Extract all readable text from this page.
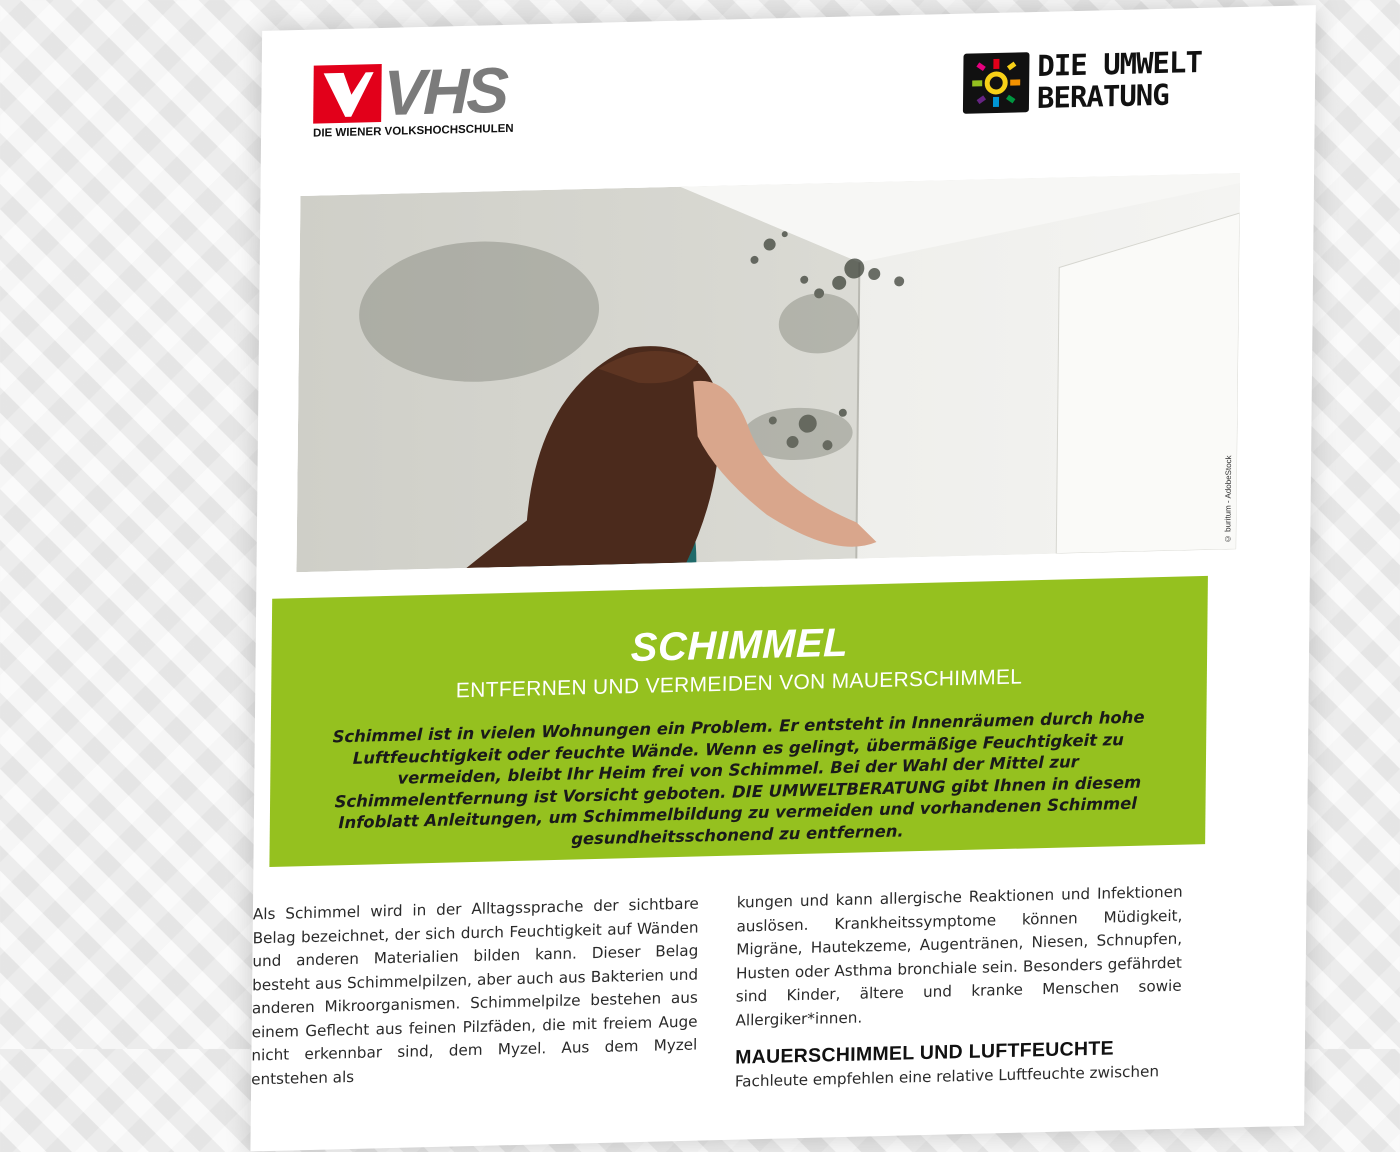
VHS
DIE WIENER VOLKSHOCHSCHULEN
DIE UMWELT
BERATUNG
© buritum - AdobeStock
SCHIMMEL
ENTFERNEN UND VERMEIDEN VON MAUERSCHIMMEL
Schimmel ist in vielen Wohnungen ein Problem. Er entsteht in Innenräumen durch hohe Luftfeuchtigkeit oder feuchte Wände. Wenn es gelingt, übermäßige Feuchtigkeit zu vermeiden, bleibt Ihr Heim frei von Schimmel. Bei der Wahl der Mittel zur Schimmelentfernung ist Vorsicht geboten. DIE UMWELTBERATUNG gibt Ihnen in diesem Infoblatt Anleitungen, um Schimmelbildung zu vermeiden und vorhandenen Schimmel gesundheitsschonend zu entfernen.
Als Schimmel wird in der Alltagssprache der sichtbare Belag bezeichnet, der sich durch Feuchtigkeit auf Wänden und anderen Materialien bilden kann. Dieser Belag besteht aus Schimmelpilzen, aber auch aus Bakterien und anderen Mikroorganismen. Schimmelpilze bestehen aus einem Geflecht aus feinen Pilzfäden, die mit freiem Auge nicht erkennbar sind, dem Myzel. Aus dem Myzel entstehen als
kungen und kann allergische Reaktionen und Infektionen auslösen. Krankheitssymptome können Müdigkeit, Migräne, Hautekzeme, Augentränen, Niesen, Schnupfen, Husten oder Asthma bronchiale sein. Besonders gefährdet sind Kinder, ältere und kranke Menschen sowie Allergiker*innen.
MAUERSCHIMMEL UND LUFTFEUCHTE
Fachleute empfehlen eine relative Luftfeuchte zwischen
